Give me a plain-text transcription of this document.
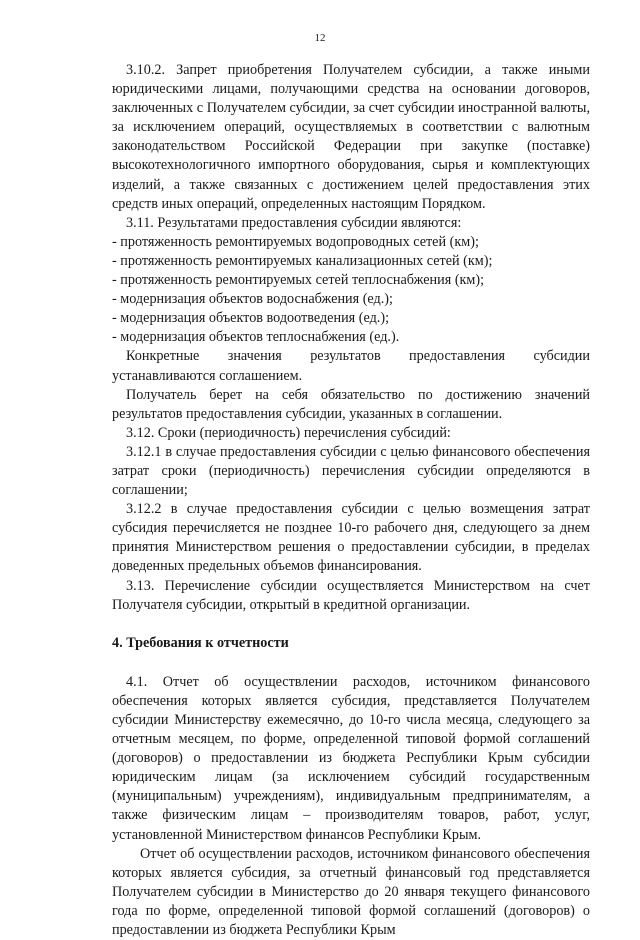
12

3.10.2. Запрет приобретения Получателем субсидии, а также иными юридическими лицами, получающими средства на основании договоров, заключенных с Получателем субсидии, за счет субсидии иностранной валюты, за исключением операций, осуществляемых в соответствии с валютным законодательством Российской Федерации при закупке (поставке) высокотехнологичного импортного оборудования, сырья и комплектующих изделий, а также связанных с достижением целей предоставления этих средств иных операций, определенных настоящим Порядком.

3.11. Результатами предоставления субсидии являются:

- протяженность ремонтируемых водопроводных сетей (км);

- протяженность ремонтируемых канализационных сетей (км);

- протяженность ремонтируемых сетей теплоснабжения (км);

- модернизация объектов водоснабжения (ед.);

- модернизация объектов водоотведения (ед.);

- модернизация объектов теплоснабжения (ед.).

Конкретные значения результатов предоставления субсидии устанавливаются соглашением.

Получатель берет на себя обязательство по достижению значений результатов предоставления субсидии, указанных в соглашении.

3.12. Сроки (периодичность) перечисления субсидий:

3.12.1 в случае предоставления субсидии с целью финансового обеспечения затрат сроки (периодичность) перечисления субсидии определяются в соглашении;

3.12.2 в случае предоставления субсидии с целью возмещения затрат субсидия перечисляется не позднее 10-го рабочего дня, следующего за днем принятия Министерством решения о предоставлении субсидии, в пределах доведенных предельных объемов финансирования.

3.13. Перечисление субсидии осуществляется Министерством на счет Получателя субсидии, открытый в кредитной организации.

4. Требования к отчетности

4.1. Отчет об осуществлении расходов, источником финансового обеспечения которых является субсидия, представляется Получателем субсидии Министерству ежемесячно, до 10-го числа месяца, следующего за отчетным месяцем, по форме, определенной типовой формой соглашений (договоров) о предоставлении из бюджета Республики Крым субсидии юридическим лицам (за исключением субсидий государственным (муниципальным) учреждениям), индивидуальным предпринимателям, а также физическим лицам – производителям товаров, работ, услуг, установленной Министерством финансов Республики Крым.

Отчет об осуществлении расходов, источником финансового обеспечения которых является субсидия, за отчетный финансовый год представляется Получателем субсидии в Министерство до 20 января текущего финансового года по форме, определенной типовой формой соглашений (договоров) о предоставлении из бюджета Республики Крым
